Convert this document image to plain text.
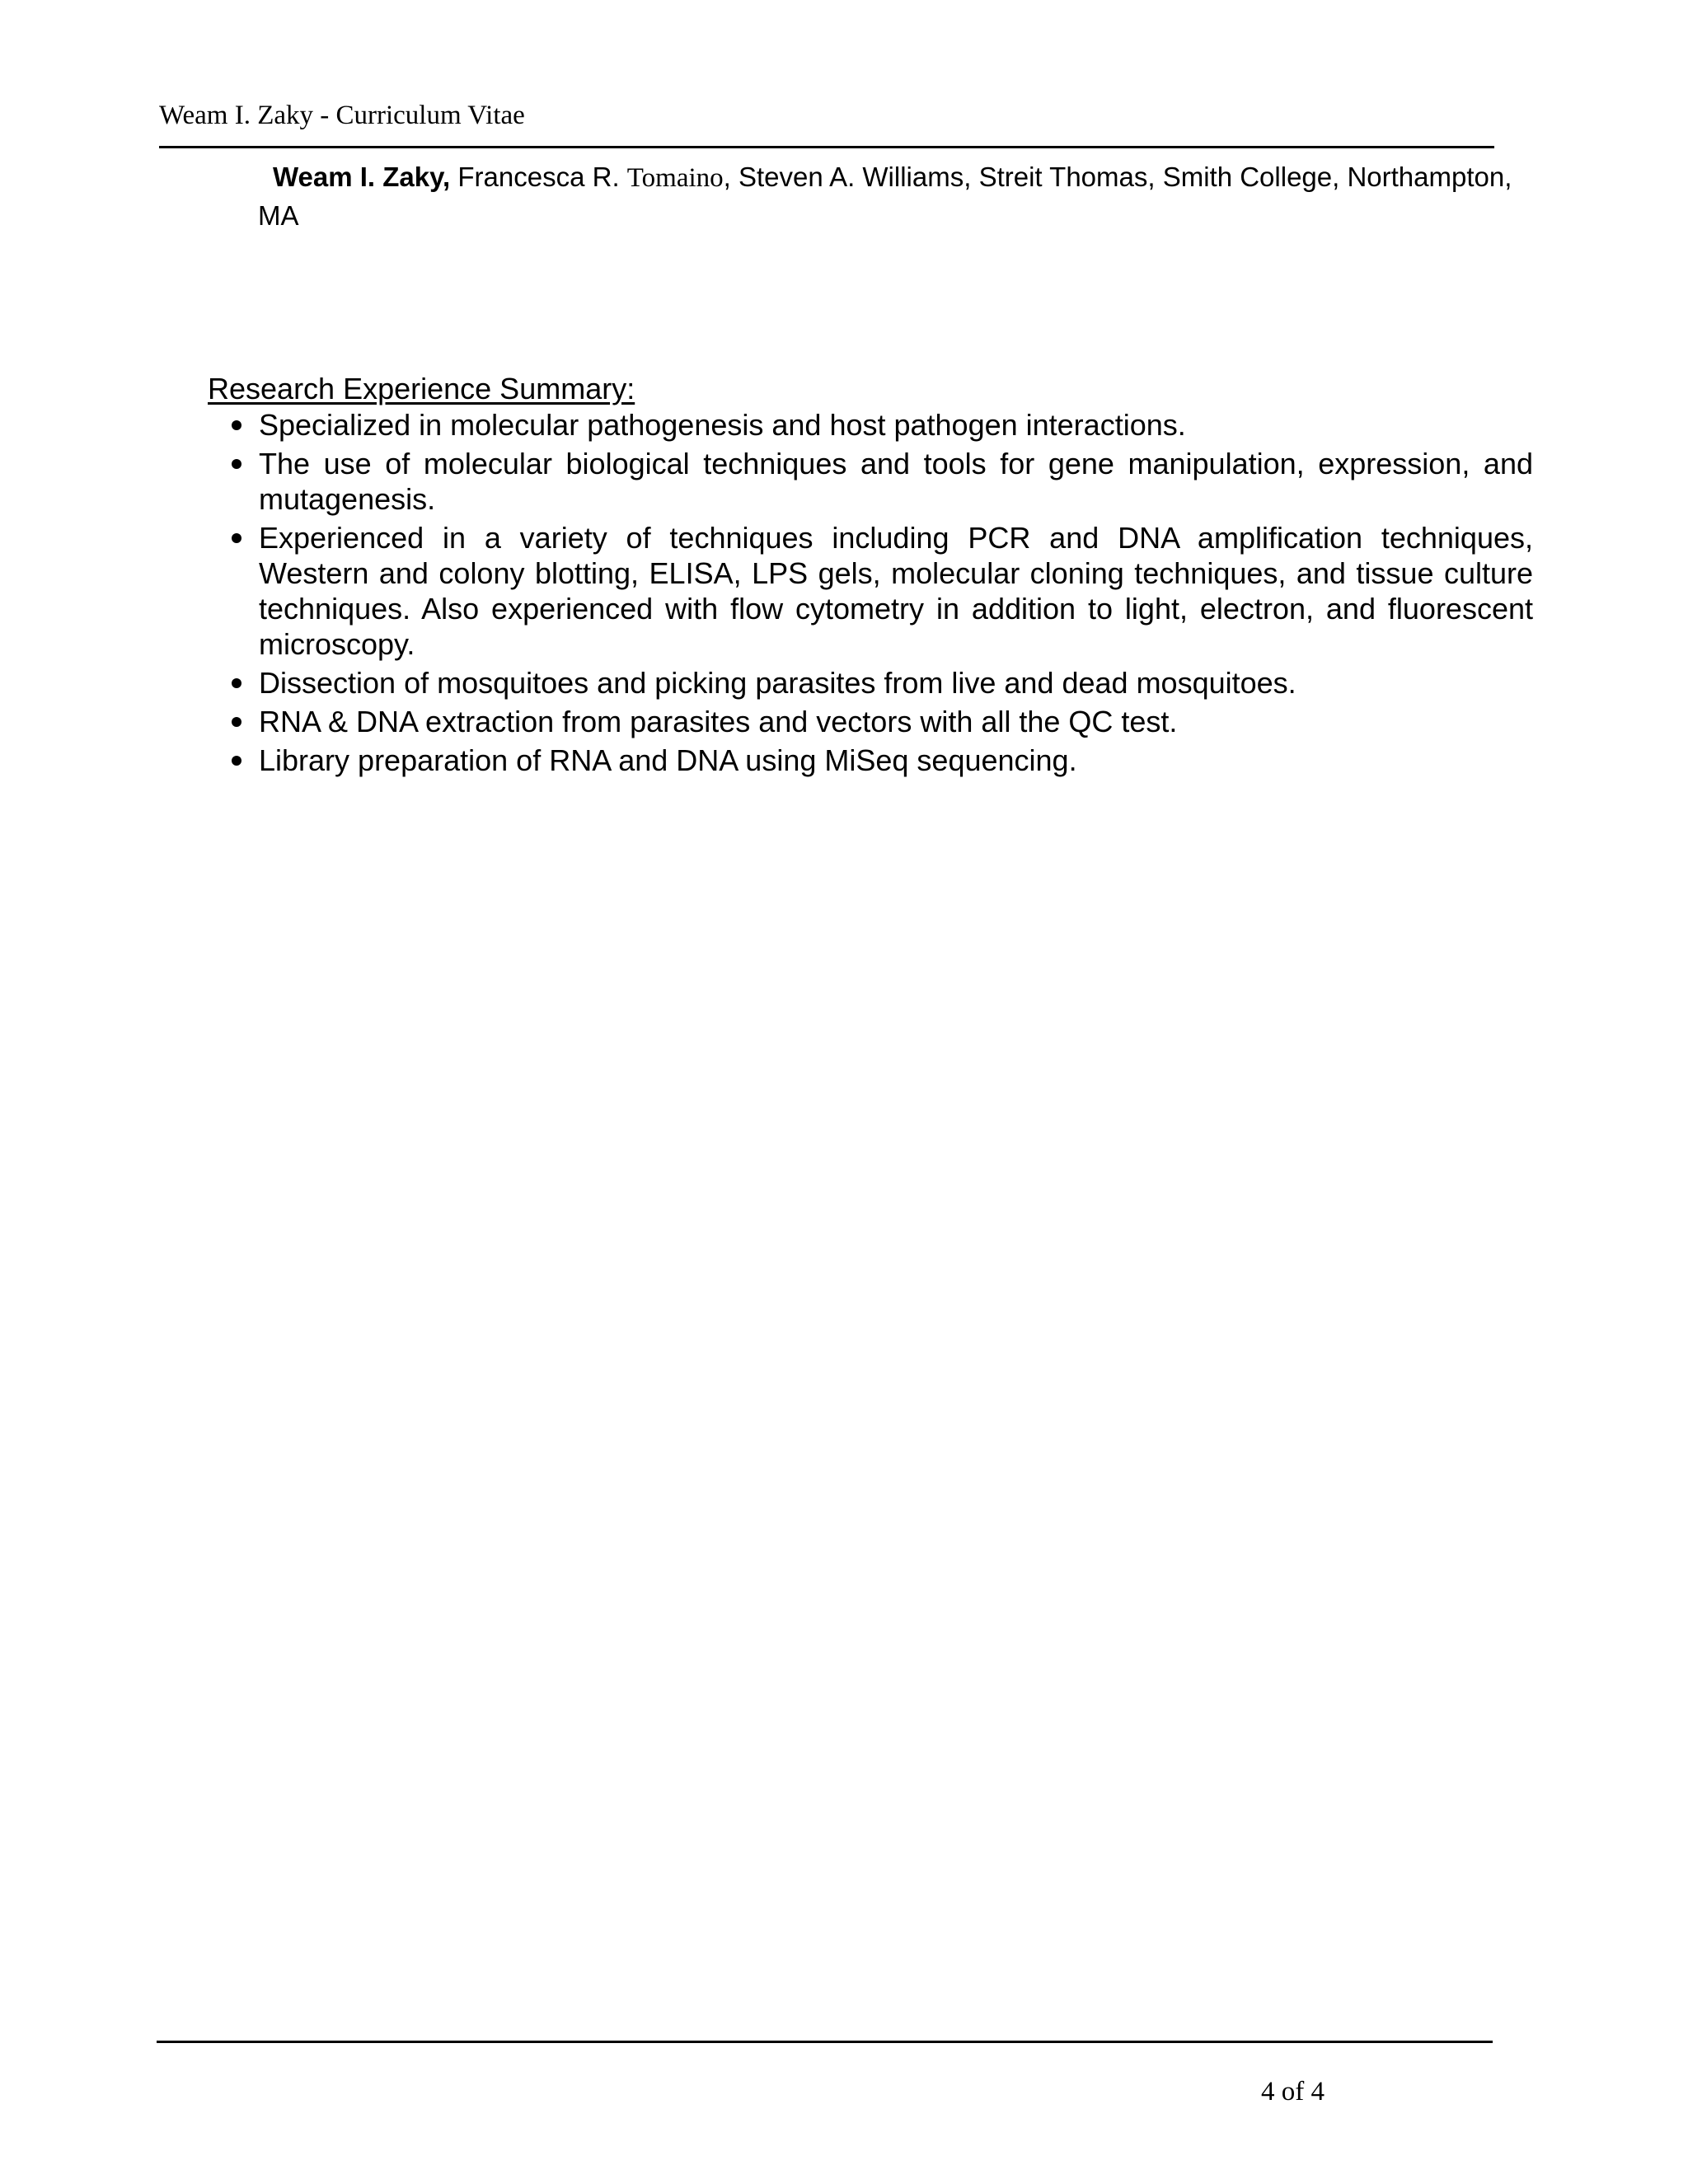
Weam I. Zaky - Curriculum Vitae
Weam I. Zaky, Francesca R. Tomaino, Steven A. Williams, Streit Thomas, Smith College, Northampton, MA
Research Experience Summary:
Specialized in molecular pathogenesis and host pathogen interactions.
The use of molecular biological techniques and tools for gene manipulation, expression, and mutagenesis.
Experienced in a variety of techniques including PCR and DNA amplification techniques, Western and colony blotting, ELISA, LPS gels, molecular cloning techniques, and tissue culture techniques. Also experienced with flow cytometry in addition to light, electron, and fluorescent microscopy.
Dissection of mosquitoes and picking parasites from live and dead mosquitoes.
RNA & DNA extraction from parasites and vectors with all the QC test.
Library preparation of RNA and DNA using MiSeq sequencing.
4 of 4
